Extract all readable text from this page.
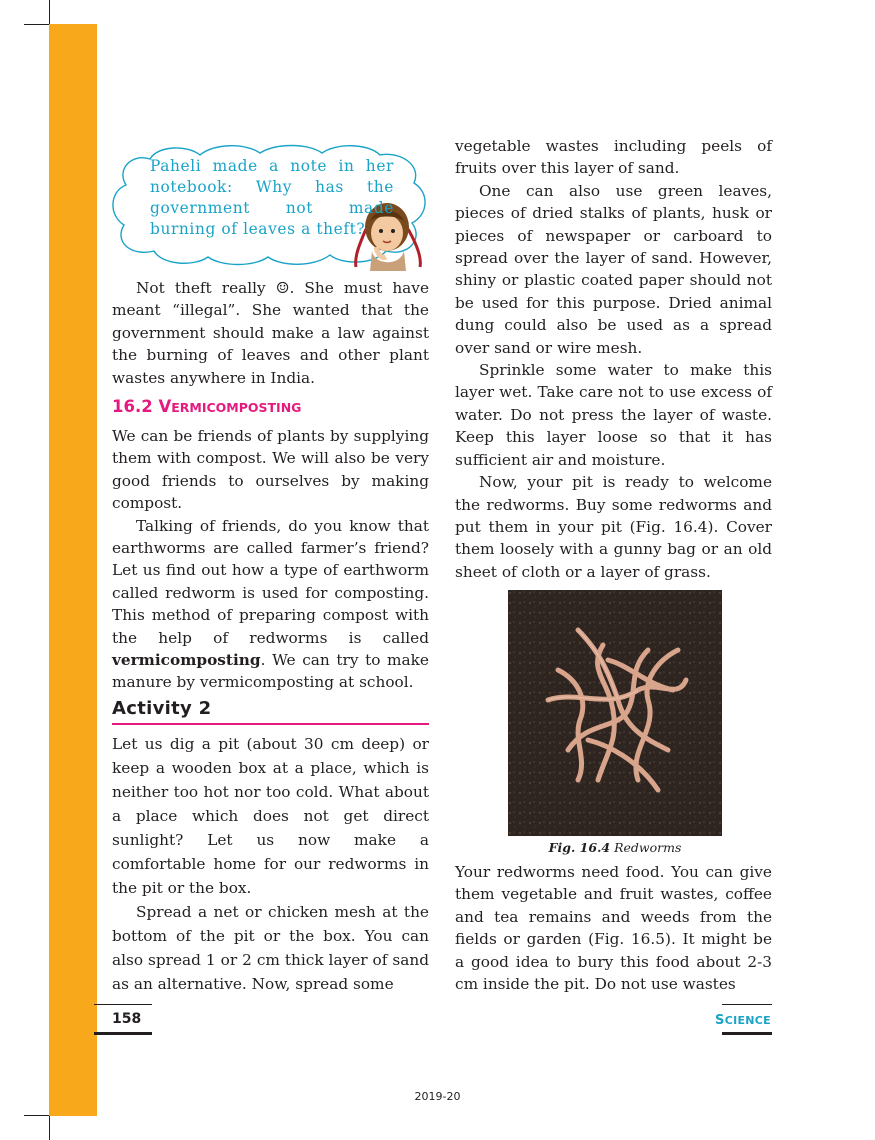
Paheli made a note in her notebook: Why has the government not made burning of leaves a theft?

Not theft really ☺. She must have meant “illegal”. She wanted that the government should make a law against the burning of leaves and other plant wastes anywhere in India.

16.2 VERMICOMPOSTING

We can be friends of plants by supplying them with compost. We will also be very good friends to ourselves by making compost.

Talking of friends, do you know that earthworms are called farmer’s friend? Let us find out how a type of earthworm called redworm is used for composting. This method of preparing compost with the help of redworms is called vermicomposting. We can try to make manure by vermicomposting at school.

Activity 2

Let us dig a pit (about 30 cm deep) or keep a wooden box at a place, which is neither too hot nor too cold. What about a place which does not get direct sunlight? Let us now make a comfortable home for our redworms in the pit or the box.

Spread a net or chicken mesh at the bottom of the pit or the box. You can also spread 1 or 2 cm thick layer of sand as an alternative. Now, spread some

vegetable wastes including peels of fruits over this layer of sand.

One can also use green leaves, pieces of dried stalks of plants, husk or pieces of newspaper or carboard to spread over the layer of sand. However, shiny or plastic coated paper should not be used for this purpose. Dried animal dung could also be used as a spread over sand or wire mesh.

Sprinkle some water to make this layer wet. Take care not to use excess of water. Do not press the layer of waste. Keep this layer loose so that it has sufficient air and moisture.

Now, your pit is ready to welcome the redworms. Buy some redworms and put them in your pit (Fig. 16.4). Cover them loosely with a gunny bag or an old sheet of cloth or a layer of grass.

Fig. 16.4 Redworms

Your redworms need food. You can give them vegetable and fruit wastes, coffee and tea remains and weeds from the fields or garden (Fig. 16.5). It might be a good idea to bury this food about 2-3 cm inside the pit. Do not use wastes

158	SCIENCE
2019-20
